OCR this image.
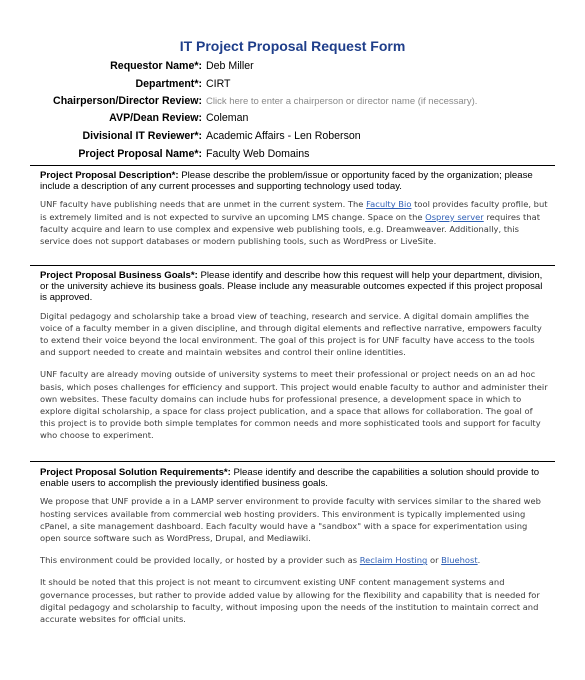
IT Project Proposal Request Form
Requestor Name*: Deb Miller
Department*: CIRT
Chairperson/Director Review: Click here to enter a chairperson or director name (if necessary).
AVP/Dean Review: Coleman
Divisional IT Reviewer*: Academic Affairs - Len Roberson
Project Proposal Name*: Faculty Web Domains
Project Proposal Description*: Please describe the problem/issue or opportunity faced by the organization; please include a description of any current processes and supporting technology used today.
UNF faculty have publishing needs that are unmet in the current system. The Faculty Bio tool provides faculty profile, but is extremely limited and is not expected to survive an upcoming LMS change. Space on the Osprey server requires that faculty acquire and learn to use complex and expensive web publishing tools, e.g. Dreamweaver. Additionally, this service does not support databases or modern publishing tools, such as WordPress or LiveSite.
Project Proposal Business Goals*: Please identify and describe how this request will help your department, division, or the university achieve its business goals. Please include any measurable outcomes expected if this project proposal is approved.
Digital pedagogy and scholarship take a broad view of teaching, research and service. A digital domain amplifies the voice of a faculty member in a given discipline, and through digital elements and reflective narrative, empowers faculty to extend their voice beyond the local environment. The goal of this project is for UNF faculty have access to the tools and support needed to create and maintain websites and control their online identities.
UNF faculty are already moving outside of university systems to meet their professional or project needs on an ad hoc basis, which poses challenges for efficiency and support. This project would enable faculty to author and administer their own websites. These faculty domains can include hubs for professional presence, a development space in which to explore digital scholarship, a space for class project publication, and a space that allows for collaboration. The goal of this project is to provide both simple templates for common needs and more sophisticated tools and support for faculty who choose to experiment.
Project Proposal Solution Requirements*: Please identify and describe the capabilities a solution should provide to enable users to accomplish the previously identified business goals.
We propose that UNF provide a in a LAMP server environment to provide faculty with services similar to the shared web hosting services available from commercial web hosting providers. This environment is typically implemented using cPanel, a site management dashboard. Each faculty would have a "sandbox" with a space for experimentation using open source software such as WordPress, Drupal, and Mediawiki.
This environment could be provided locally, or hosted by a provider such as Reclaim Hosting or Bluehost.
It should be noted that this project is not meant to circumvent existing UNF content management systems and governance processes, but rather to provide added value by allowing for the flexibility and capability that is needed for digital pedagogy and scholarship to faculty, without imposing upon the needs of the institution to maintain correct and accurate websites for official units.
